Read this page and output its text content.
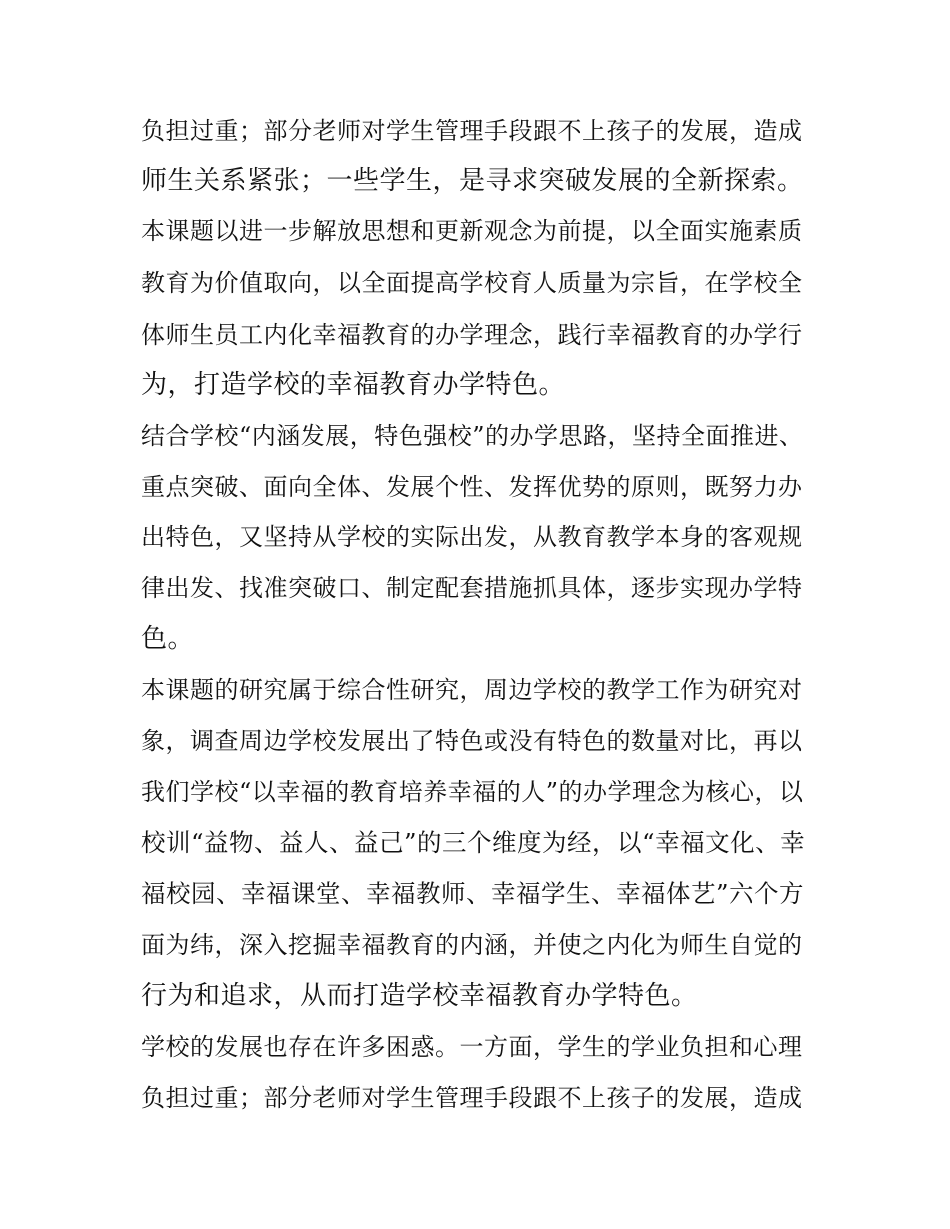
负担过重；部分老师对学生管理手段跟不上孩子的发展，造成
师生关系紧张；一些学生，是寻求突破发展的全新探索。
本课题以进一步解放思想和更新观念为前提，以全面实施素质
教育为价值取向，以全面提高学校育人质量为宗旨，在学校全
体师生员工内化幸福教育的办学理念，践行幸福教育的办学行
为，打造学校的幸福教育办学特色。
结合学校“内涵发展，特色强校”的办学思路，坚持全面推进、
重点突破、面向全体、发展个性、发挥优势的原则，既努力办
出特色，又坚持从学校的实际出发，从教育教学本身的客观规
律出发、找准突破口、制定配套措施抓具体，逐步实现办学特
色。
本课题的研究属于综合性研究，周边学校的教学工作为研究对
象，调查周边学校发展出了特色或没有特色的数量对比，再以
我们学校“以幸福的教育培养幸福的人”的办学理念为核心，以
校训“益物、益人、益己”的三个维度为经，以“幸福文化、幸
福校园、幸福课堂、幸福教师、幸福学生、幸福体艺”六个方
面为纬，深入挖掘幸福教育的内涵，并使之内化为师生自觉的
行为和追求，从而打造学校幸福教育办学特色。
学校的发展也存在许多困惑。一方面，学生的学业负担和心理
负担过重；部分老师对学生管理手段跟不上孩子的发展，造成
